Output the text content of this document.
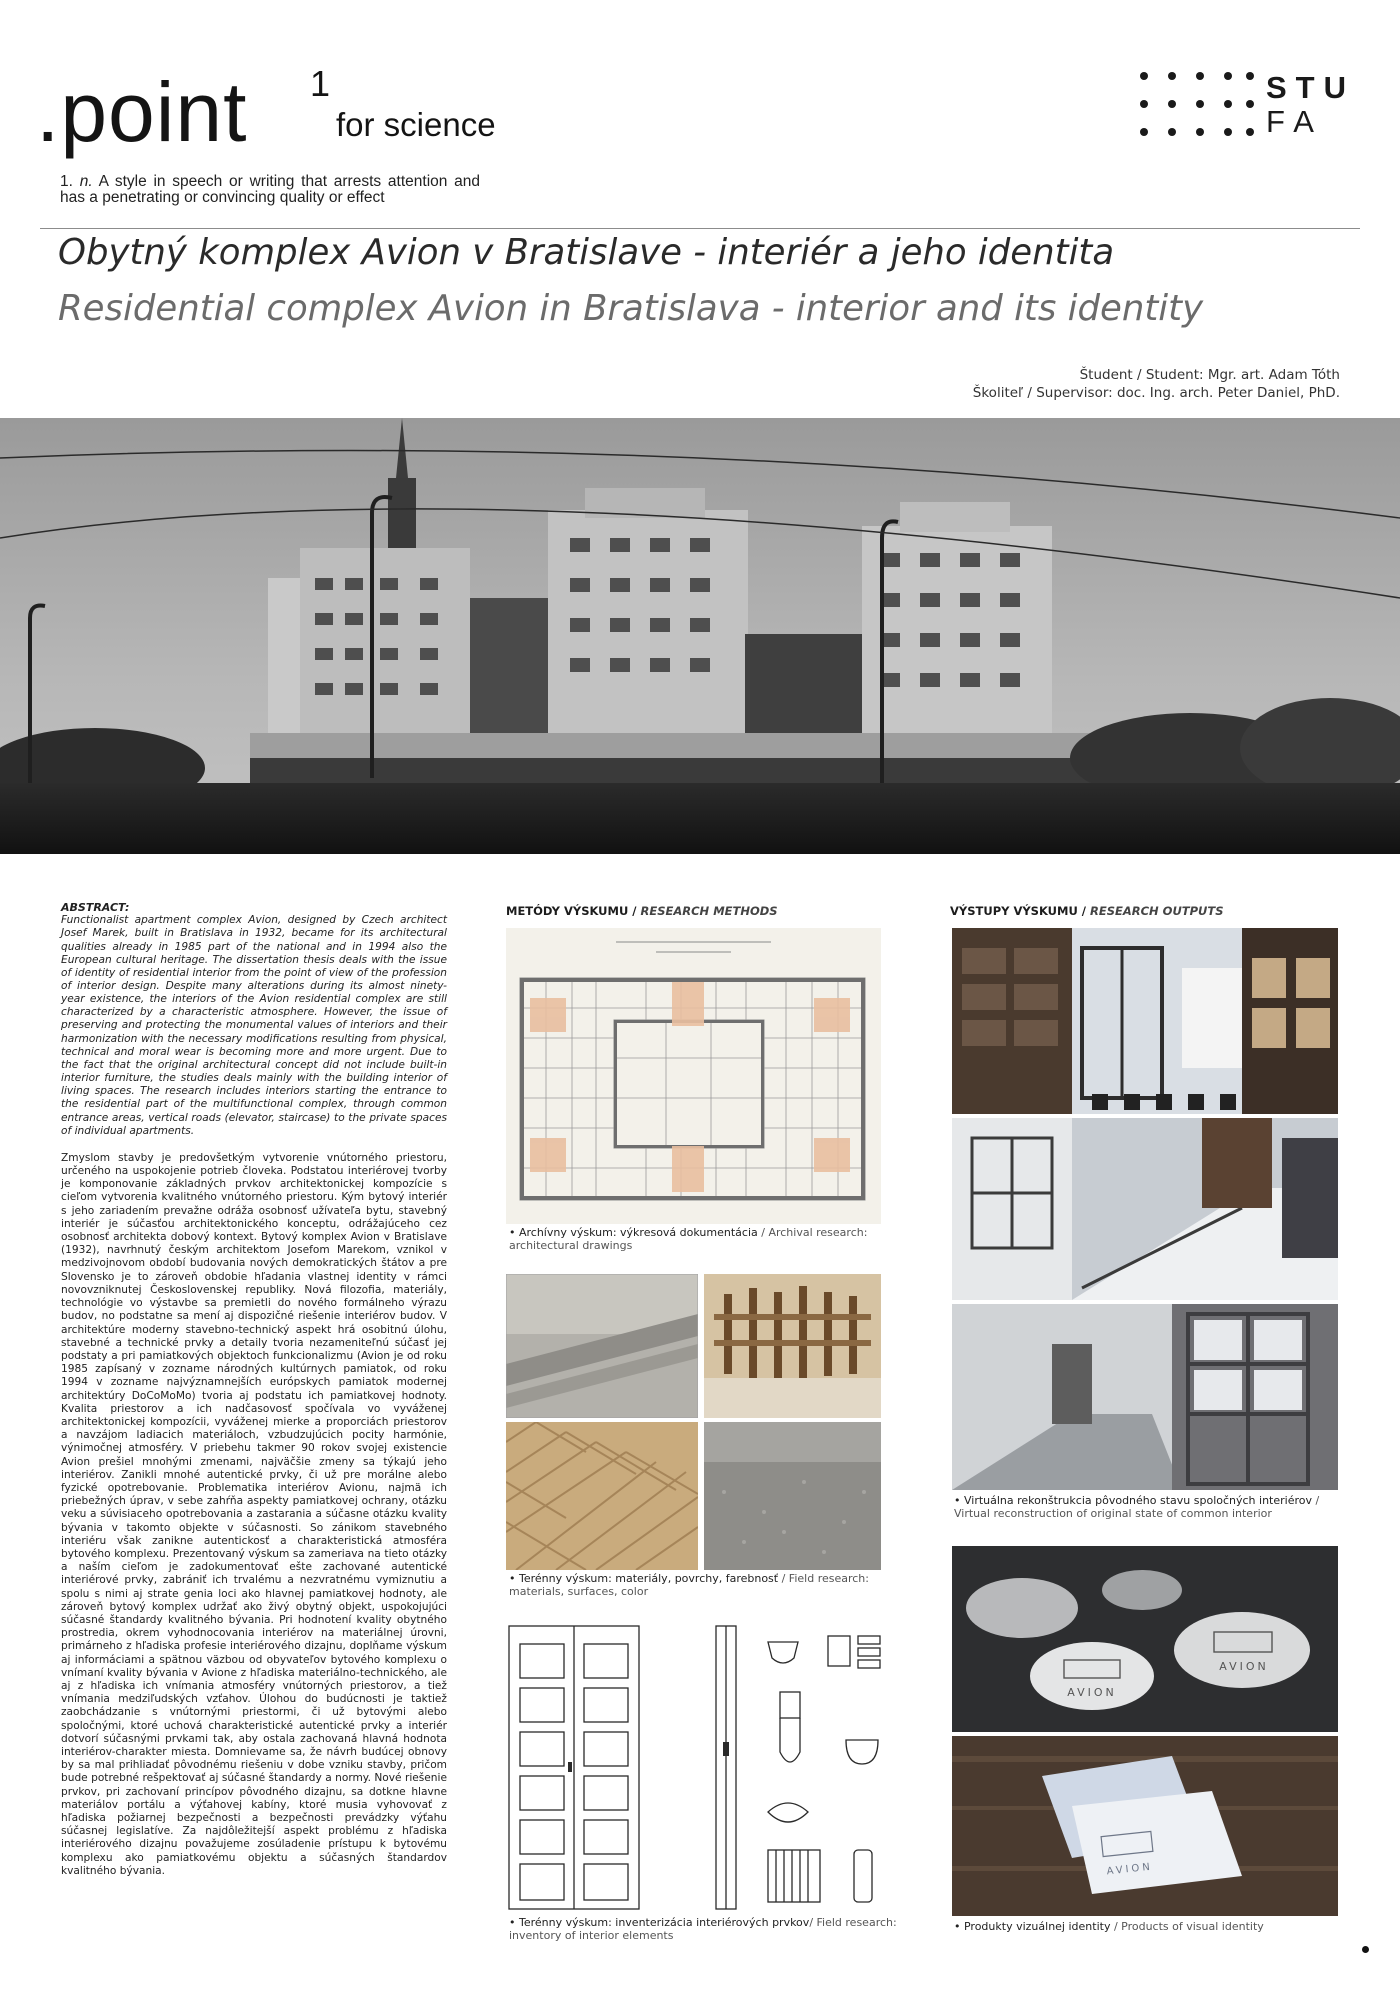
.point 1
for science
1. n. A style in speech or writing that arrests attention and has a penetrating or convincing quality or effect
STU
FA
Obytný komplex Avion v Bratislave - interiér a jeho identita
Residential complex Avion in Bratislava - interior and its identity
Študent / Student: Mgr. art. Adam Tóth
Školiteľ / Supervisor: doc. Ing. arch. Peter Daniel, PhD.
ABSTRACT:
Functionalist apartment complex Avion, designed by Czech architect Josef Marek, built in Bratislava in 1932, became for its architectural qualities already in 1985 part of the national and in 1994 also the European cultural heritage. The dissertation thesis deals with the issue of identity of residential interior from the point of view of the profession of interior design. Despite many alterations during its almost ninety-year existence, the interiors of the Avion residential complex are still characterized by a characteristic atmosphere. However, the issue of preserving and protecting the monumental values of interiors and their harmonization with the necessary modifications resulting from physical, technical and moral wear is becoming more and more urgent. Due to the fact that the original architectural concept did not include built-in interior furniture, the studies deals mainly with the building interior of living spaces. The research includes interiors starting the entrance to the residential part of the multifunctional complex, through common entrance areas, vertical roads (elevator, staircase) to the private spaces of individual apartments.
Zmyslom stavby je predovšetkým vytvorenie vnútorného priestoru, určeného na uspokojenie potrieb človeka. Podstatou interiérovej tvorby je komponovanie základných prvkov architektonickej kompozície s cieľom vytvorenia kvalitného vnútorného priestoru. Kým bytový interiér s jeho zariadením prevažne odráža osobnosť užívateľa bytu, stavebný interiér je súčasťou architektonického konceptu, odrážajúceho cez osobnosť architekta dobový kontext. Bytový komplex Avion v Bratislave (1932), navrhnutý českým architektom Josefom Marekom, vznikol v medzivojnovom období budovania nových demokratických štátov a pre Slovensko je to zároveň obdobie hľadania vlastnej identity v rámci novovzniknutej Československej republiky. Nová filozofia, materiály, technológie vo výstavbe sa premietli do nového formálneho výrazu budov, no podstatne sa mení aj dispozičné riešenie interiérov budov. V architektúre moderny stavebno-technický aspekt hrá osobitnú úlohu, stavebné a technické prvky a detaily tvoria nezameniteľnú súčasť jej podstaty a pri pamiatkových objektoch funkcionalizmu (Avion je od roku 1985 zapísaný v zozname národných kultúrnych pamiatok, od roku 1994 v zozname najvýznamnejších európskych pamiatok modernej architektúry DoCoMoMo) tvoria aj podstatu ich pamiatkovej hodnoty. Kvalita priestorov a ich nadčasovosť spočívala vo vyváženej architektonickej kompozícii, vyváženej mierke a proporciách priestorov a navzájom ladiacich materiáloch, vzbudzujúcich pocity harmónie, výnimočnej atmosféry. V priebehu takmer 90 rokov svojej existencie Avion prešiel mnohými zmenami, najväčšie zmeny sa týkajú jeho interiérov. Zanikli mnohé autentické prvky, či už pre morálne alebo fyzické opotrebovanie. Problematika interiérov Avionu, najmä ich priebežných úprav, v sebe zahŕňa aspekty pamiatkovej ochrany, otázku veku a súvisiaceho opotrebovania a zastarania a súčasne otázku kvality bývania v takomto objekte v súčasnosti. So zánikom stavebného interiéru však zanikne autentickosť a charakteristická atmosféra bytového komplexu. Prezentovaný výskum sa zameriava na tieto otázky a naším cieľom je zadokumentovať ešte zachované autentické interiérové prvky, zabrániť ich trvalému a nezvratnému vymiznutiu a spolu s nimi aj strate genia loci ako hlavnej pamiatkovej hodnoty, ale zároveň bytový komplex udržať ako živý obytný objekt, uspokojujúci súčasné štandardy kvalitného bývania. Pri hodnotení kvality obytného prostredia, okrem vyhodnocovania interiérov na materiálnej úrovni, primárneho z hľadiska profesie interiérového dizajnu, doplňame výskum aj informáciami a spätnou väzbou od obyvateľov bytového komplexu o vnímaní kvality bývania v Avione z hľadiska materiálno-technického, ale aj z hľadiska ich vnímania atmosféry vnútorných priestorov, a tiež vnímania medziľudských vzťahov. Úlohou do budúcnosti je taktiež zaobchádzanie s vnútornými priestormi, či už bytovými alebo spoločnými, ktoré uchová charakteristické autentické prvky a interiér dotvorí súčasnými prvkami tak, aby ostala zachovaná hlavná hodnota interiérov-charakter miesta. Domnievame sa, že návrh budúcej obnovy by sa mal prihliadať pôvodnému riešeniu v dobe vzniku stavby, pričom bude potrebné rešpektovať aj súčasné štandardy a normy. Nové riešenie prvkov, pri zachovaní princípov pôvodného dizajnu, sa dotkne hlavne materiálov portálu a výťahovej kabíny, ktoré musia vyhovovať z hľadiska požiarnej bezpečnosti a bezpečnosti prevádzky výťahu súčasnej legislatíve. Za najdôležitejší aspekt problému z hľadiska interiérového dizajnu považujeme zosúladenie prístupu k bytovému komplexu ako pamiatkovému objektu a súčasných štandardov kvalitného bývania.
METÓDY VÝSKUMU / RESEARCH METHODS
• Archívny výskum: výkresová dokumentácia / Archival research: architectural drawings
• Terénny výskum: materiály, povrchy, farebnosť / Field research: materials, surfaces, color
• Terénny výskum: inventerizácia interiérových prvkov/ Field research: inventory of interior elements
VÝSTUPY VÝSKUMU / RESEARCH OUTPUTS
• Virtuálna rekonštrukcia pôvodného stavu spoločných interiérov / Virtual reconstruction of original state of common interior
AVION
AVION
AVION
• Produkty vizuálnej identity / Products of visual identity
